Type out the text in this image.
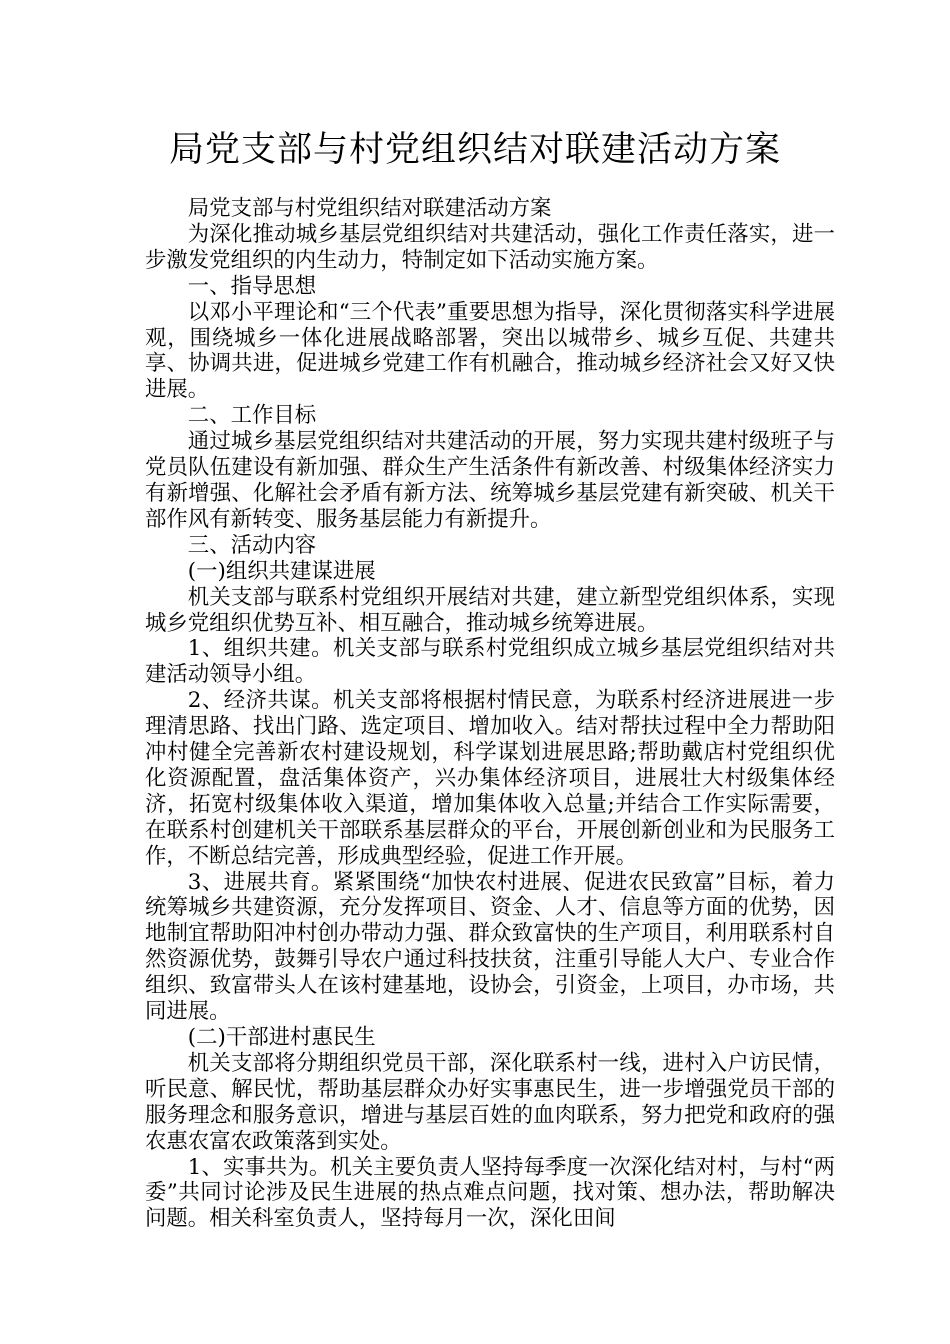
局党支部与村党组织结对联建活动方案

局党支部与村党组织结对联建活动方案

为深化推动城乡基层党组织结对共建活动，强化工作责任落实，进一步激发党组织的内生动力，特制定如下活动实施方案。

一、指导思想

以邓小平理论和“三个代表”重要思想为指导，深化贯彻落实科学进展观，围绕城乡一体化进展战略部署，突出以城带乡、城乡互促、共建共享、协调共进，促进城乡党建工作有机融合，推动城乡经济社会又好又快进展。

二、工作目标

通过城乡基层党组织结对共建活动的开展，努力实现共建村级班子与党员队伍建设有新加强、群众生产生活条件有新改善、村级集体经济实力有新增强、化解社会矛盾有新方法、统筹城乡基层党建有新突破、机关干部作风有新转变、服务基层能力有新提升。

三、活动内容

(一)组织共建谋进展

机关支部与联系村党组织开展结对共建，建立新型党组织体系，实现城乡党组织优势互补、相互融合，推动城乡统筹进展。

1、组织共建。机关支部与联系村党组织成立城乡基层党组织结对共建活动领导小组。

2、经济共谋。机关支部将根据村情民意，为联系村经济进展进一步理清思路、找出门路、选定项目、增加收入。结对帮扶过程中全力帮助阳冲村健全完善新农村建设规划，科学谋划进展思路;帮助戴店村党组织优化资源配置，盘活集体资产，兴办集体经济项目，进展壮大村级集体经济，拓宽村级集体收入渠道，增加集体收入总量;并结合工作实际需要，在联系村创建机关干部联系基层群众的平台，开展创新创业和为民服务工作，不断总结完善，形成典型经验，促进工作开展。

3、进展共育。紧紧围绕“加快农村进展、促进农民致富”目标，着力统筹城乡共建资源，充分发挥项目、资金、人才、信息等方面的优势，因地制宜帮助阳冲村创办带动力强、群众致富快的生产项目，利用联系村自然资源优势，鼓舞引导农户通过科技扶贫，注重引导能人大户、专业合作组织、致富带头人在该村建基地，设协会，引资金，上项目，办市场，共同进展。

(二)干部进村惠民生

机关支部将分期组织党员干部，深化联系村一线，进村入户访民情，听民意、解民忧，帮助基层群众办好实事惠民生，进一步增强党员干部的服务理念和服务意识，增进与基层百姓的血肉联系，努力把党和政府的强农惠农富农政策落到实处。

1、实事共为。机关主要负责人坚持每季度一次深化结对村，与村“两委”共同讨论涉及民生进展的热点难点问题，找对策、想办法，帮助解决问题。相关科室负责人，坚持每月一次，深化田间
